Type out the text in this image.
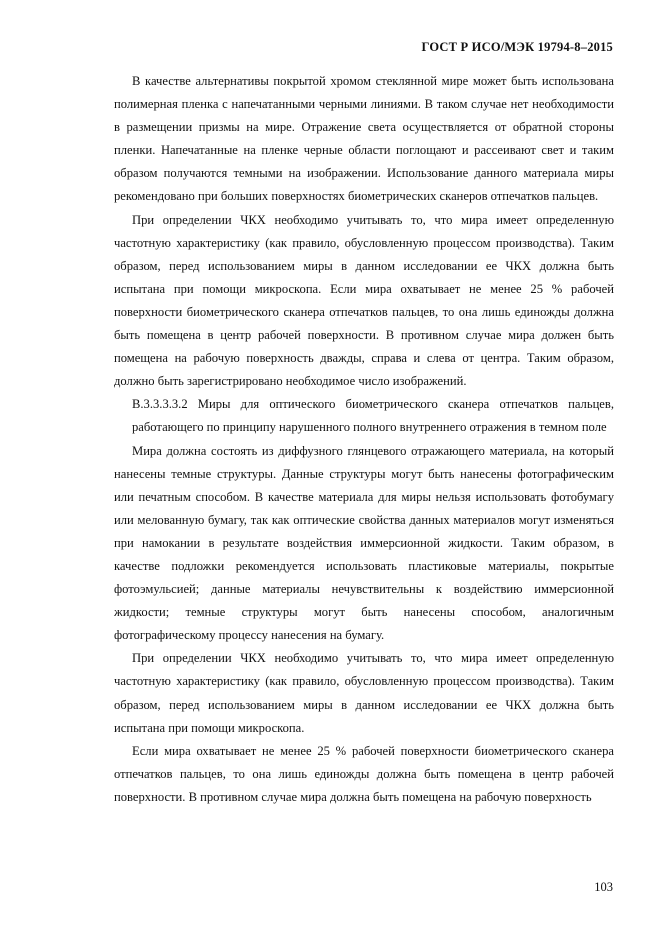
ГОСТ Р ИСО/МЭК 19794-8–2015

В качестве альтернативы покрытой хромом стеклянной мире может быть использована полимерная пленка с напечатанными черными линиями. В таком случае нет необходимости в размещении призмы на мире. Отражение света осуществляется от обратной стороны пленки. Напечатанные на пленке черные области поглощают и рассеивают свет и таким образом получаются темными на изображении. Использование данного материала миры рекомендовано при больших поверхностях биометрических сканеров отпечатков пальцев.

При определении ЧКХ необходимо учитывать то, что мира имеет определенную частотную характеристику (как правило, обусловленную процессом производства). Таким образом, перед использованием миры в данном исследовании ее ЧКХ должна быть испытана при помощи микроскопа. Если мира охватывает не менее 25 % рабочей поверхности биометрического сканера отпечатков пальцев, то она лишь единожды должна быть помещена в центр рабочей поверхности. В противном случае мира должен быть помещена на рабочую поверхность дважды, справа и слева от центра. Таким образом, должно быть зарегистрировано необходимое число изображений.

В.3.3.3.3.2 Миры для оптического биометрического сканера отпечатков пальцев, работающего по принципу нарушенного полного внутреннего отражения в темном поле

Мира должна состоять из диффузного глянцевого отражающего материала, на который нанесены темные структуры. Данные структуры могут быть нанесены фотографическим или печатным способом. В качестве материала для миры нельзя использовать фотобумагу или мелованную бумагу, так как оптические свойства данных материалов могут изменяться при намокании в результате воздействия иммерсионной жидкости. Таким образом, в качестве подложки рекомендуется использовать пластиковые материалы, покрытые фотоэмульсией; данные материалы нечувствительны к воздействию иммерсионной жидкости; темные структуры могут быть нанесены способом, аналогичным фотографическому процессу нанесения на бумагу.

При определении ЧКХ необходимо учитывать то, что мира имеет определенную частотную характеристику (как правило, обусловленную процессом производства). Таким образом, перед использованием миры в данном исследовании ее ЧКХ должна быть испытана при помощи микроскопа.

Если мира охватывает не менее 25 % рабочей поверхности биометрического сканера отпечатков пальцев, то она лишь единожды должна быть помещена в центр рабочей поверхности. В противном случае мира должна быть помещена на рабочую поверхность

103
